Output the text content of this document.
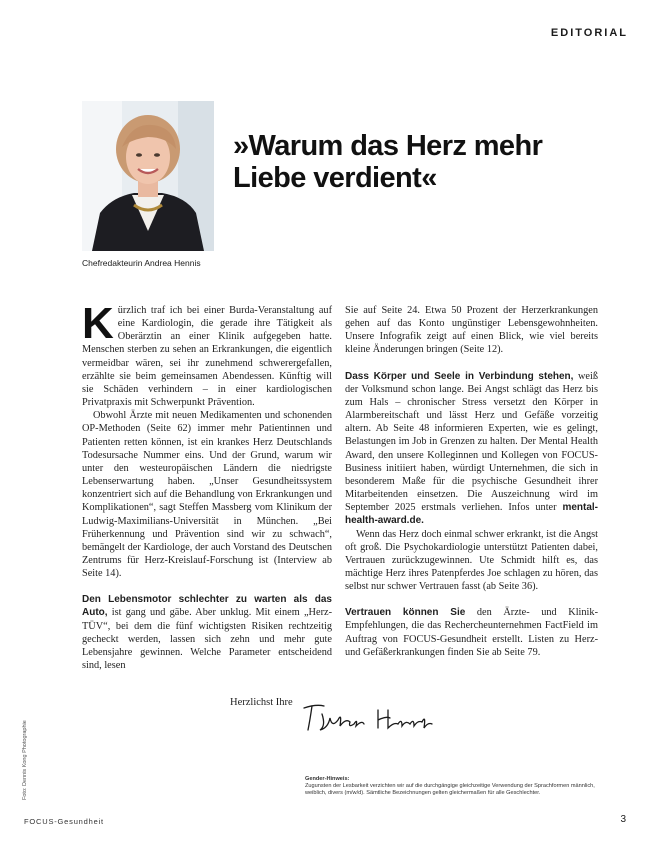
EDITORIAL
Chefredakteurin Andrea Hennis
»Warum das Herz mehr Liebe verdient«

Kürzlich traf ich bei einer Burda-Veranstaltung auf eine Kardiologin, die gerade ihre Tätigkeit als Oberärztin an einer Klinik aufgegeben hatte. Menschen sterben zu sehen an Erkrankungen, die eigentlich vermeidbar wären, sei ihr zunehmend schwerergefallen, erzählte sie beim gemeinsamen Abendessen. Künftig will sie Schäden verhindern – in einer kardiologischen Privatpraxis mit Schwerpunkt Prävention.

Obwohl Ärzte mit neuen Medikamenten und schonenden OP-Methoden (Seite 62) immer mehr Patientinnen und Patienten retten können, ist ein krankes Herz Deutschlands Todesursache Nummer eins. Und der Grund, warum wir unter den westeuropäischen Ländern die niedrigste Lebenserwartung haben. „Unser Gesundheitssystem konzentriert sich auf die Behandlung von Erkrankungen und Komplikationen“, sagt Steffen Massberg vom Klinikum der Ludwig-Maximilians-Universität in München. „Bei Früherkennung und Prävention sind wir zu schwach“, bemängelt der Kardiologe, der auch Vorstand des Deutschen Zentrums für Herz-Kreislauf-Forschung ist (Interview ab Seite 14).

Den Lebensmotor schlechter zu warten als das Auto, ist gang und gäbe. Aber unklug. Mit einem „Herz-TÜV“, bei dem die fünf wichtigsten Risiken rechtzeitig gecheckt werden, lassen sich zehn und mehr gute Lebensjahre gewinnen. Welche Parameter entscheidend sind, lesen

Sie auf Seite 24. Etwa 50 Prozent der Herzerkrankungen gehen auf das Konto ungünstiger Lebensgewohnheiten. Unsere Infografik zeigt auf einen Blick, wie viel bereits kleine Änderungen bringen (Seite 12).

Dass Körper und Seele in Verbindung stehen, weiß der Volksmund schon lange. Bei Angst schlägt das Herz bis zum Hals – chronischer Stress versetzt den Körper in Alarmbereitschaft und lässt Herz und Gefäße vorzeitig altern. Ab Seite 48 informieren Experten, wie es gelingt, Belastungen im Job in Grenzen zu halten. Der Mental Health Award, den unsere Kolleginnen und Kollegen von FOCUS-Business initiiert haben, würdigt Unternehmen, die sich in besonderem Maße für die psychische Gesundheit ihrer Mitarbeitenden einsetzen. Die Auszeichnung wird im September 2025 erstmals verliehen. Infos unter mental-health-award.de.

Wenn das Herz doch einmal schwer erkrankt, ist die Angst oft groß. Die Psychokardiologie unterstützt Patienten dabei, Vertrauen zurückzugewinnen. Ute Schmidt hilft es, das mächtige Herz ihres Patenpferdes Joe schlagen zu hören, das selbst nur schwer Vertrauen fasst (ab Seite 36).

Vertrauen können Sie den Ärzte- und Klinik-Empfehlungen, die das Rechercheunternehmen FactField im Auftrag von FOCUS-Gesundheit erstellt. Listen zu Herz- und Gefäßerkrankungen finden Sie ab Seite 79.

Herzlichst Ihre
Foto: Dennis Kong Photographie	Gender-Hinweis:
Zugunsten der Lesbarkeit verzichten wir auf die durchgängige gleichzeitige Verwendung der Sprachformen männlich, weiblich, divers (m/w/d). Sämtliche Bezeichnungen gelten gleichermaßen für alle Geschlechter.
FOCUS-Gesundheit	3
